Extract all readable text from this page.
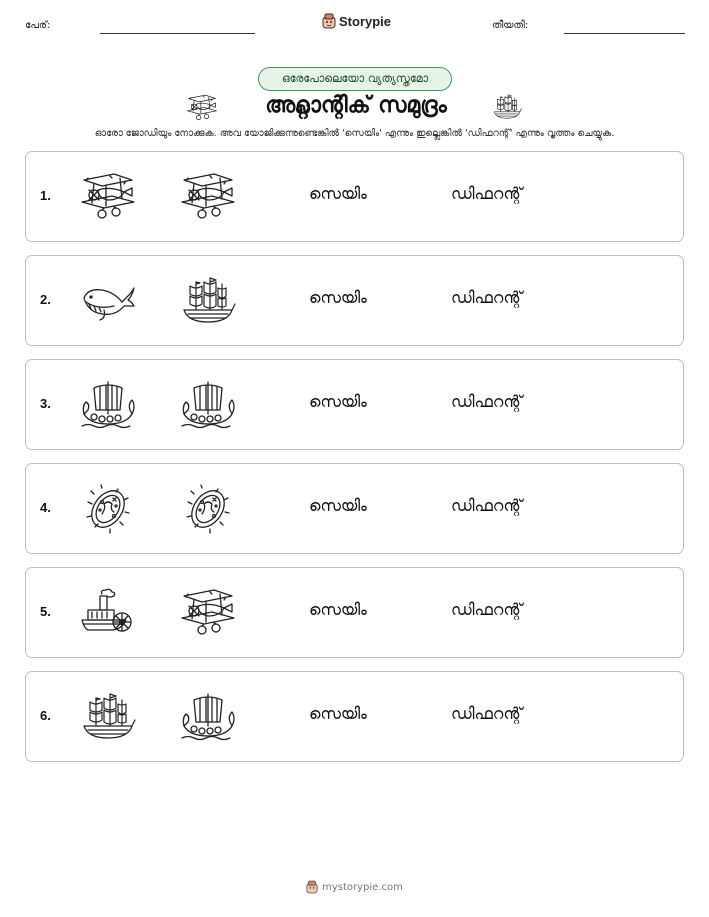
പേര്:	Storypie	തീയതി:
ഒരേപോലെയോ വ്യത്യസ്തമോ
അറ്റ്ലാന്റിക് സമുദ്രം
ഓരോ ജോഡിയും നോക്കുക. അവ യോജിക്കുന്നുണ്ടെങ്കിൽ 'സെയിം' എന്നും ഇല്ലെങ്കിൽ 'ഡിഫറന്റ്' എന്നും വൃത്തം ചെയ്യുക.
1.	സെയിം	ഡിഫറന്റ്
2.	സെയിം	ഡിഫറന്റ്
3.	സെയിം	ഡിഫറന്റ്
4.	സെയിം	ഡിഫറന്റ്
5.	സെയിം	ഡിഫറന്റ്
6.	സെയിം	ഡിഫറന്റ്
mystorypie.com
